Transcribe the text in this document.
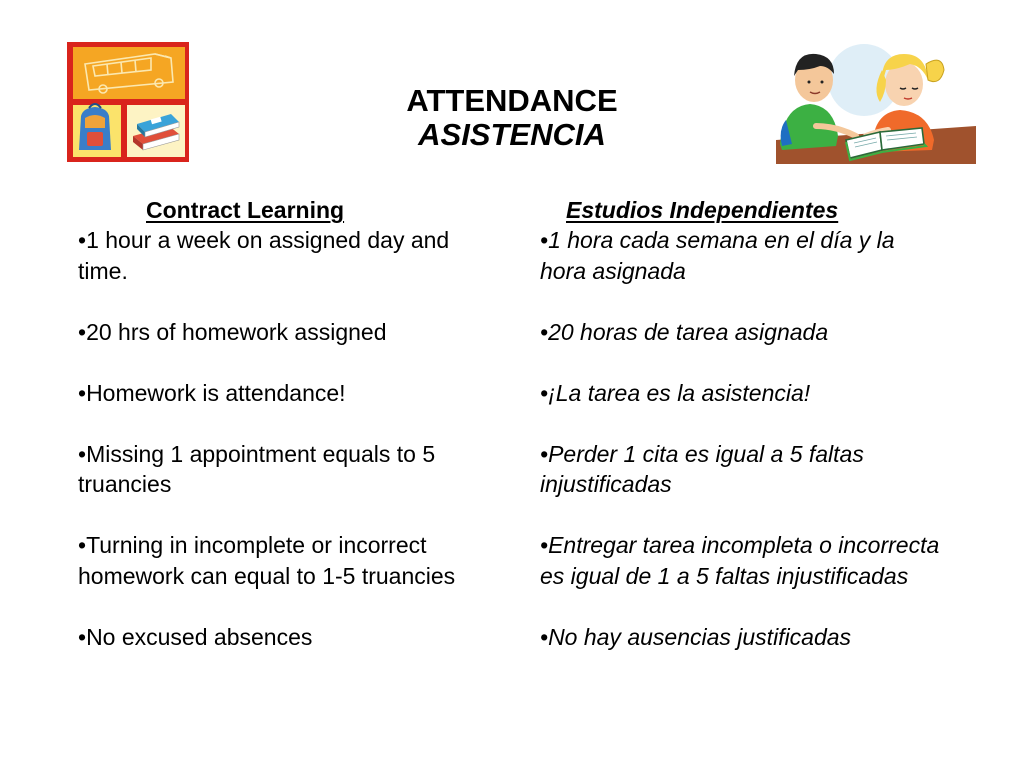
ATTENDANCE
ASISTENCIA
Contract Learning
• 1 hour a week on assigned day and time.
• 20 hrs of homework assigned
• Homework is attendance!
• Missing 1 appointment equals to 5 truancies
• Turning in incomplete or incorrect homework can equal to 1-5 truancies
• No excused absences
Estudios Independientes
• 1 hora cada semana en el día y la hora asignada
• 20 horas de tarea asignada
• ¡La tarea es la asistencia!
• Perder 1 cita es igual a 5 faltas injustificadas
• Entregar tarea incompleta o incorrecta es igual de 1 a 5 faltas injustificadas
• No hay ausencias justificadas
